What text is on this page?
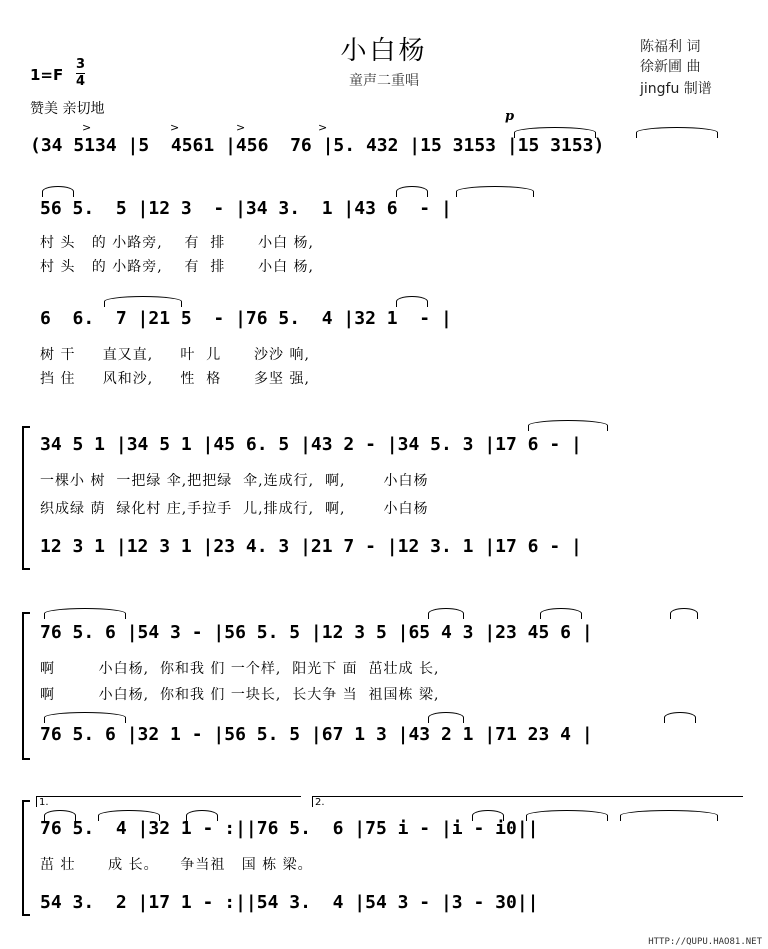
小白杨
童声二重唱
陈福利 词
徐新圃 曲
jingfu 制谱
1=F
3
4
赞美 亲切地
>	>	>	>
p
(34 5134 |5  4561 |456  76 |5. 432 |15 3153 |15 3153)
56 5.  5 |12 3  - |34 3.  1 |43 6  - |
村 头   的 小路旁,    有  排      小白 杨,
村 头   的 小路旁,    有  排      小白 杨,
6  6.  7 |21 5  - |76 5.  4 |32 1  - |
树 干     直又直,     叶  儿      沙沙 响,
挡 住     风和沙,     性  格      多坚 强,
34 5 1 |34 5 1 |45 6. 5 |43 2 - |34 5. 3 |17 6 - |
一棵小 树  一把绿 伞,把把绿  伞,连成行,  啊,       小白杨
织成绿 荫  绿化村 庄,手拉手  儿,排成行,  啊,       小白杨
12 3 1 |12 3 1 |23 4. 3 |21 7 - |12 3. 1 |17 6 - |
76 5. 6 |54 3 - |56 5. 5 |12 3 5 |65 4 3 |23 45 6 |
啊        小白杨,  你和我 们 一个样,  阳光下 面  茁壮成 长,
啊        小白杨,  你和我 们 一块长,  长大争 当  祖国栋 梁,
76 5. 6 |32 1 - |56 5. 5 |67 1 3 |43 2 1 |71 23 4 |
1.	2.
76 5.  4 |32 1 - :||76 5.  6 |75 i - |i - i0||
茁 壮      成 长。    争当祖   国 栋 梁。
54 3.  2 |17 1 - :||54 3.  4 |54 3 - |3 - 30||
HTTP://QUPU.HAO81.NET
